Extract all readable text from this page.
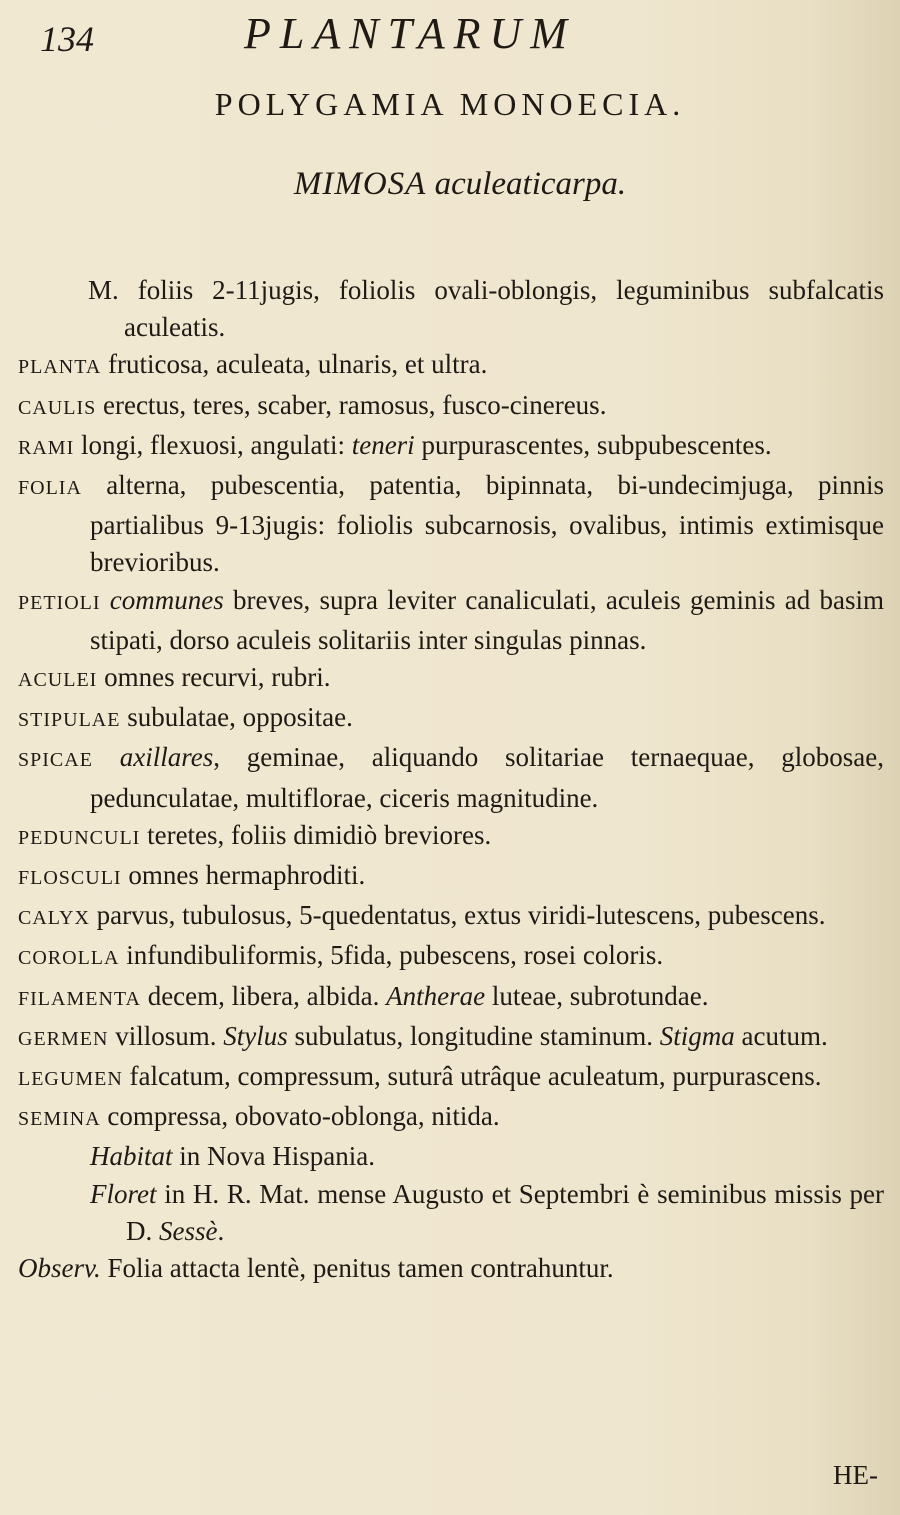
134	PLANTARUM
POLYGAMIA MONOECIA.
MIMOSA aculeaticarpa.

M. foliis 2-11jugis, foliolis ovali-oblongis, leguminibus subfalcatis aculeatis.

PLANTA fruticosa, aculeata, ulnaris, et ultra.

CAULIS erectus, teres, scaber, ramosus, fusco-cinereus.

RAMI longi, flexuosi, angulati: teneri purpurascentes, subpubescentes.

FOLIA alterna, pubescentia, patentia, bipinnata, bi-undecimjuga, pinnis partialibus 9-13jugis: foliolis subcarnosis, ovalibus, intimis extimisque brevioribus.

PETIOLI communes breves, supra leviter canaliculati, aculeis geminis ad basim stipati, dorso aculeis solitariis inter singulas pinnas.

ACULEI omnes recurvi, rubri.

STIPULAE subulatae, oppositae.

SPICAE axillares, geminae, aliquando solitariae ternaequae, globosae, pedunculatae, multiflorae, ciceris magnitudine.

PEDUNCULI teretes, foliis dimidiò breviores.

FLOSCULI omnes hermaphroditi.

CALYX parvus, tubulosus, 5-quedentatus, extus viridi-lutescens, pubescens.

COROLLA infundibuliformis, 5fida, pubescens, rosei coloris.

FILAMENTA decem, libera, albida. Antherae luteae, subrotundae.

GERMEN villosum. Stylus subulatus, longitudine staminum. Stigma acutum.

LEGUMEN falcatum, compressum, suturâ utrâque aculeatum, purpurascens.

SEMINA compressa, obovato-oblonga, nitida.

Habitat in Nova Hispania.

Floret in H. R. Mat. mense Augusto et Septembri è seminibus missis per D. Sessè.

Observ. Folia attacta lentè, penitus tamen contrahuntur.

HE-
